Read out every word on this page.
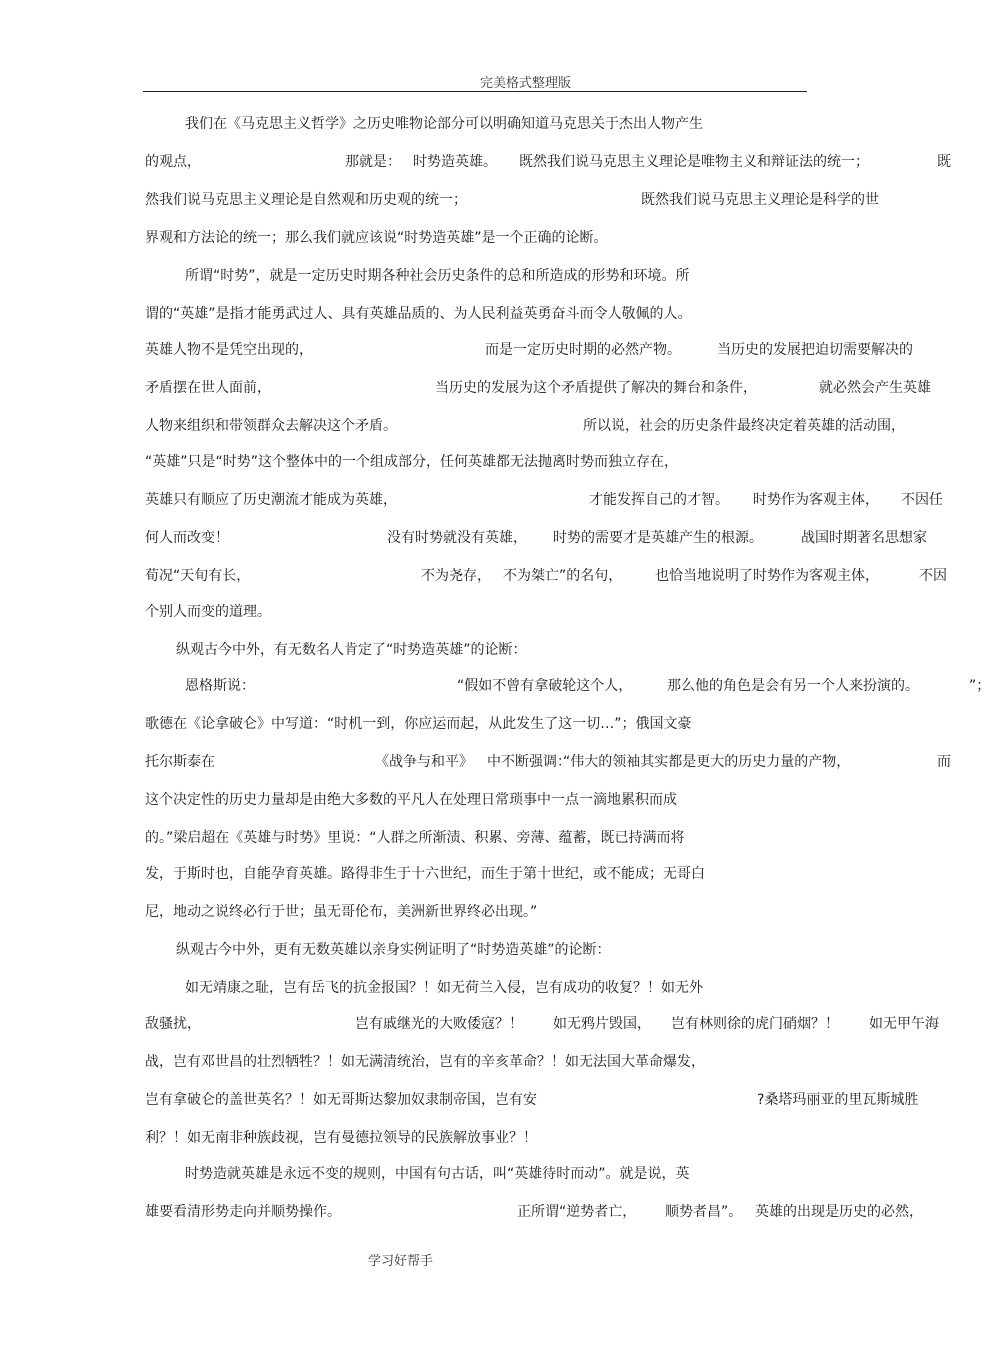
完美格式整理版
我们在《马克思主义哲学》之历史唯物论部分可以明确知道马克思关于杰出人物产生
的观点，	那就是： 时势造英雄。 既然我们说马克思主义理论是唯物主义和辩证法的统一；	既
然我们说马克思主义理论是自然观和历史观的统一；	既然我们说马克思主义理论是科学的世
界观和方法论的统一；那么我们就应该说“时势造英雄”是一个正确的论断。
所谓“时势”，就是一定历史时期各种社会历史条件的总和所造成的形势和环境。所
谓的“英雄”是指才能勇武过人、具有英雄品质的、为人民利益英勇奋斗而令人敬佩的人。
英雄人物不是凭空出现的，	而是一定历史时期的必然产物。	当历史的发展把迫切需要解决的
矛盾摆在世人面前，	当历史的发展为这个矛盾提供了解决的舞台和条件，	就必然会产生英雄
人物来组织和带领群众去解决这个矛盾。	所以说，社会的历史条件最终决定着英雄的活动围，
“英雄”只是“时势”这个整体中的一个组成部分，任何英雄都无法抛离时势而独立存在，
英雄只有顺应了历史潮流才能成为英雄，	才能发挥自己的才智。 时势作为客观主体， 不因任
何人而改变！	没有时势就没有英雄， 时势的需要才是英雄产生的根源。	战国时期著名思想家
荀况“天旬有长，	不为尧存， 不为桀亡”的名句， 也恰当地说明了时势作为客观主体，	不因
个别人而变的道理。
纵观古今中外，有无数名人肯定了“时势造英雄”的论断：
恩格斯说：	“假如不曾有拿破轮这个人， 那么他的角色是会有另一个人来扮演的。	”；
歌德在《论拿破仑》中写道：“时机一到，你应运而起，从此发生了这一切…”；俄国文豪
托尔斯泰在	《战争与和平》 中不断强调：
“伟大的领袖其实都是更大的历史力量的产物，	而
这个决定性的历史力量却是由绝大多数的平凡人在处理日常琐事中一点一滴地累积而成
的。”梁启超在《英雄与时势》里说：“人群之所渐渍、积累、旁薄、蕴蓄，既已持满而将
发，于斯时也，自能孕育英雄。路得非生于十六世纪，而生于第十世纪，或不能成；无哥白
尼，地动之说终必行于世；虽无哥伦布，美洲新世界终必出现。”
纵观古今中外，更有无数英雄以亲身实例证明了“时势造英雄”的论断：
如无靖康之耻，岂有岳飞的抗金报国？！如无荷兰入侵，岂有成功的收复？！如无外
敌骚扰，	岂有戚继光的大败倭寇？！ 如无鸦片毁国， 岂有林则徐的虎门硝烟？！ 如无甲午海
战，岂有邓世昌的壮烈牺牲？！如无满清统治，岂有的辛亥革命？！如无法国大革命爆发，
岂有拿破仑的盖世英名？！如无哥斯达黎加奴隶制帝国，岂有安	?桑塔玛丽亚的里瓦斯城胜
利？！如无南非种族歧视，岂有曼德拉领导的民族解放事业？！
时势造就英雄是永远不变的规则，中国有句古话，叫“英雄待时而动”。就是说，英
雄要看清形势走向并顺势操作。	正所谓“逆势者亡， 顺势者昌”。 英雄的出现是历史的必然，
学习好帮手
